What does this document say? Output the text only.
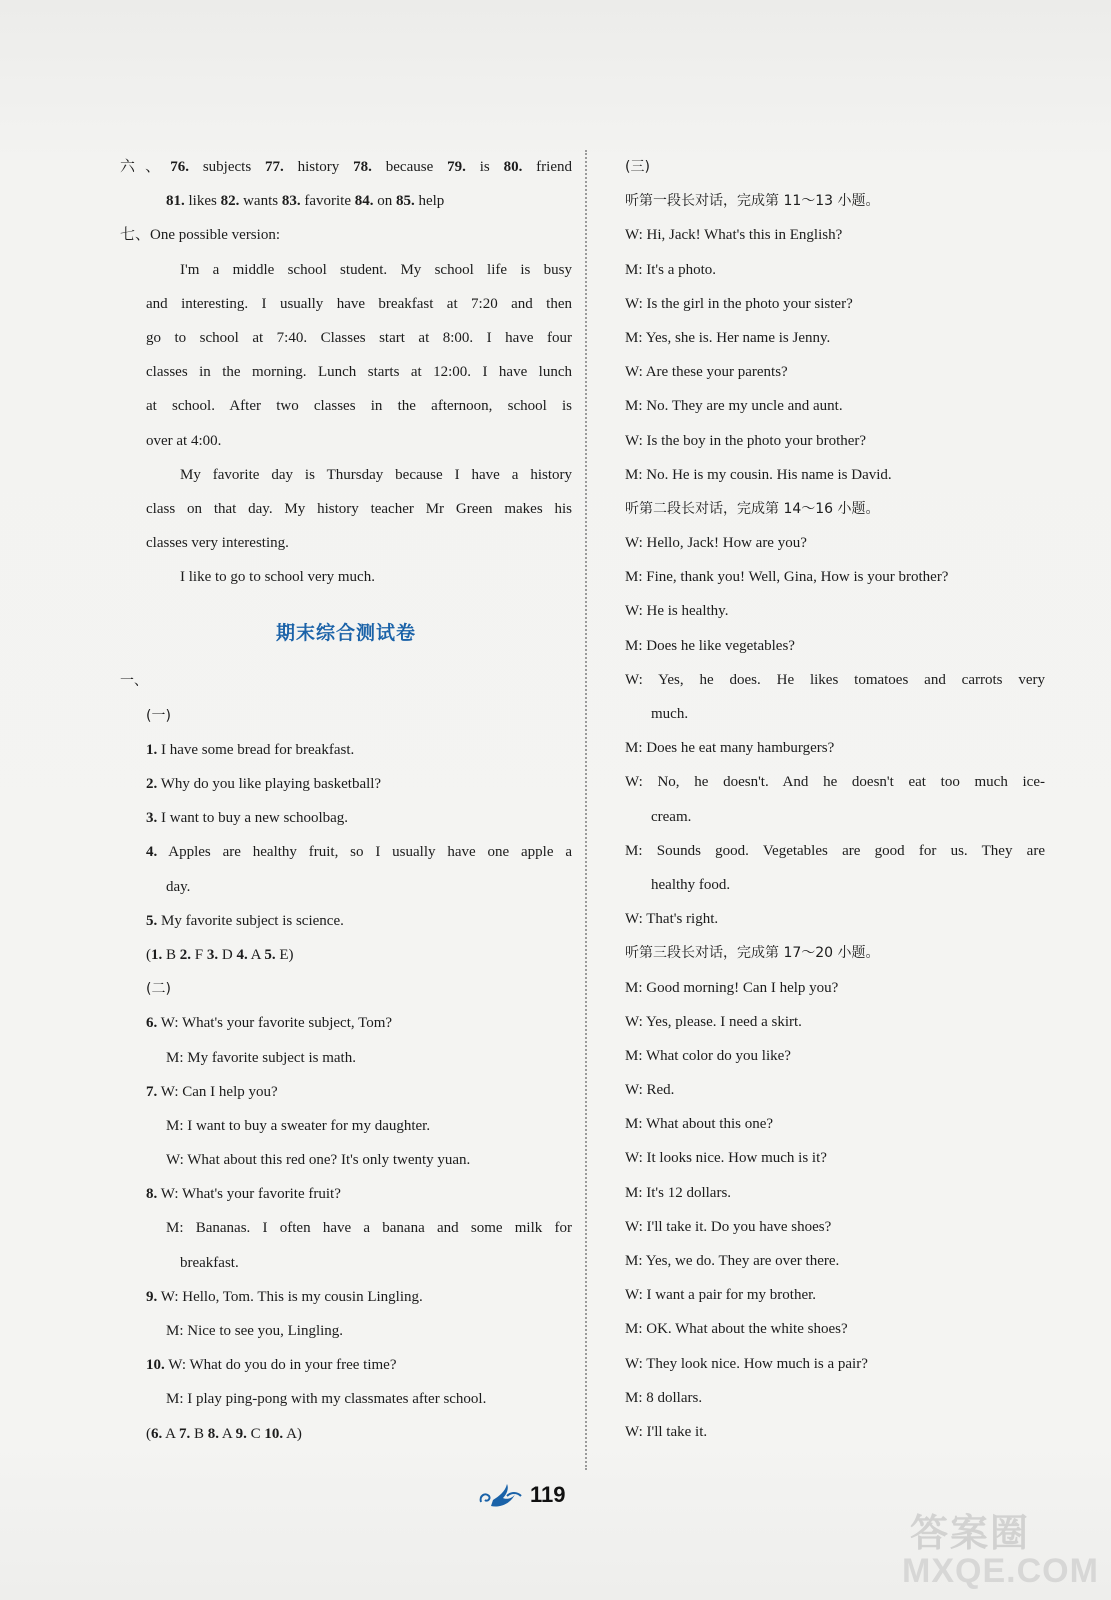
六、76. subjects 77. history 78. because 79. is 80. friend
81. likes 82. wants 83. favorite 84. on 85. help
七、One possible version:
I'm a middle school student. My school life is busy
and interesting. I usually have breakfast at 7:20 and then
go to school at 7:40. Classes start at 8:00. I have four
classes in the morning. Lunch starts at 12:00. I have lunch
at school. After two classes in the afternoon, school is
over at 4:00.
My favorite day is Thursday because I have a history
class on that day. My history teacher Mr Green makes his
classes very interesting.
I like to go to school very much.
期末综合测试卷
一、
(一)
1. I have some bread for breakfast.
2. Why do you like playing basketball?
3. I want to buy a new schoolbag.
4. Apples are healthy fruit, so I usually have one apple a
day.
5. My favorite subject is science.
(1. B 2. F 3. D 4. A 5. E)
(二)
6. W: What's your favorite subject, Tom?
M: My favorite subject is math.
7. W: Can I help you?
M: I want to buy a sweater for my daughter.
W: What about this red one? It's only twenty yuan.
8. W: What's your favorite fruit?
M: Bananas. I often have a banana and some milk for
breakfast.
9. W: Hello, Tom. This is my cousin Lingling.
M: Nice to see you, Lingling.
10. W: What do you do in your free time?
M: I play ping-pong with my classmates after school.
(6. A 7. B 8. A 9. C 10. A)
(三)
听第一段长对话，完成第 11～13 小题。
W: Hi, Jack! What's this in English?
M: It's a photo.
W: Is the girl in the photo your sister?
M: Yes, she is. Her name is Jenny.
W: Are these your parents?
M: No. They are my uncle and aunt.
W: Is the boy in the photo your brother?
M: No. He is my cousin. His name is David.
听第二段长对话，完成第 14～16 小题。
W: Hello, Jack! How are you?
M: Fine, thank you! Well, Gina, How is your brother?
W: He is healthy.
M: Does he like vegetables?
W: Yes, he does. He likes tomatoes and carrots very
much.
M: Does he eat many hamburgers?
W: No, he doesn't. And he doesn't eat too much ice-
cream.
M: Sounds good. Vegetables are good for us. They are
healthy food.
W: That's right.
听第三段长对话，完成第 17～20 小题。
M: Good morning! Can I help you?
W: Yes, please. I need a skirt.
M: What color do you like?
W: Red.
M: What about this one?
W: It looks nice. How much is it?
M: It's 12 dollars.
W: I'll take it. Do you have shoes?
M: Yes, we do. They are over there.
W: I want a pair for my brother.
M: OK. What about the white shoes?
W: They look nice. How much is a pair?
M: 8 dollars.
W: I'll take it.
119
答案圈
MXQE.COM
